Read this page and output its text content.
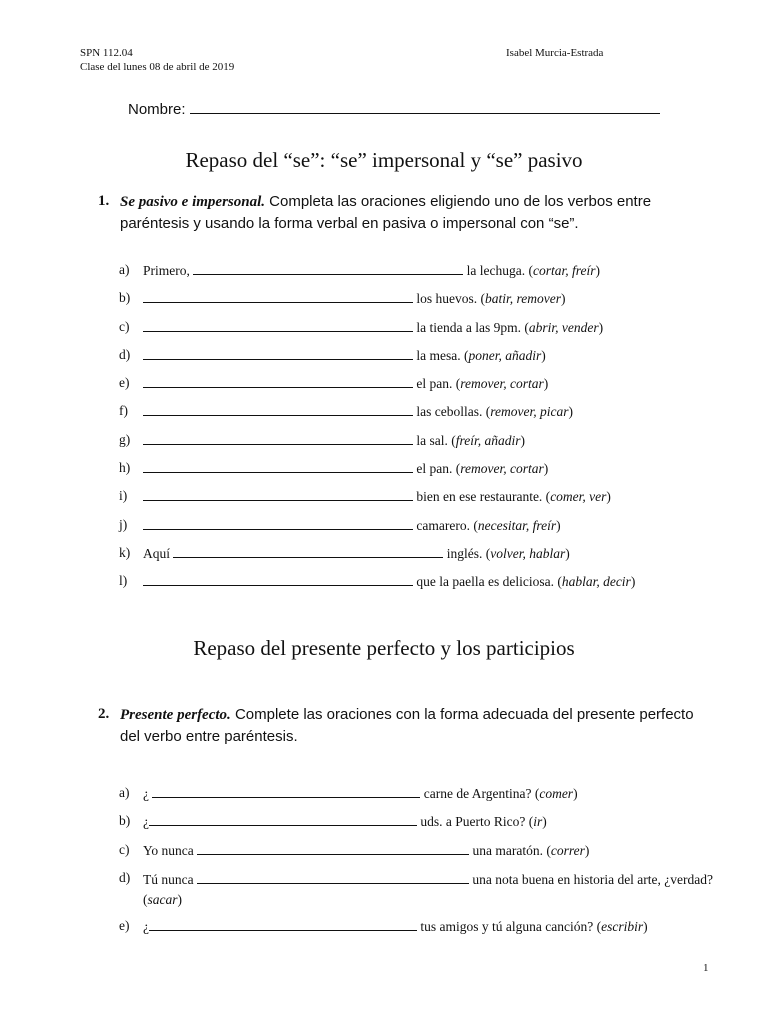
SPN 112.04
Clase del lunes 08 de abril de 2019
Isabel Murcia-Estrada
Nombre:
Repaso del “se”: “se” impersonal y “se” pasivo
1. Se pasivo e impersonal. Completa las oraciones eligiendo uno de los verbos entre paréntesis y usando la forma verbal en pasiva o impersonal con “se”.
a) Primero,	la lechuga. (cortar, freír)
b)	los huevos. (batir, remover)
c)	la tienda a las 9pm. (abrir, vender)
d)	la mesa. (poner, añadir)
e)	el pan. (remover, cortar)
f)	las cebollas. (remover, picar)
g)	la sal. (freír, añadir)
h)	el pan. (remover, cortar)
i)	bien en ese restaurante. (comer, ver)
j)	camarero. (necesitar, freír)
k) Aquí	inglés. (volver, hablar)
l)	que la paella es deliciosa. (hablar, decir)
Repaso del presente perfecto y los participios
2. Presente perfecto. Complete las oraciones con la forma adecuada del presente perfecto del verbo entre paréntesis.
a) ¿	carne de Argentina? (comer)
b) ¿	uds. a Puerto Rico? (ir)
c) Yo nunca	una maratón. (correr)
d) Tú nunca	una nota buena en historia del arte, ¿verdad? (sacar)
e) ¿	tus amigos y tú alguna canción? (escribir)
1
